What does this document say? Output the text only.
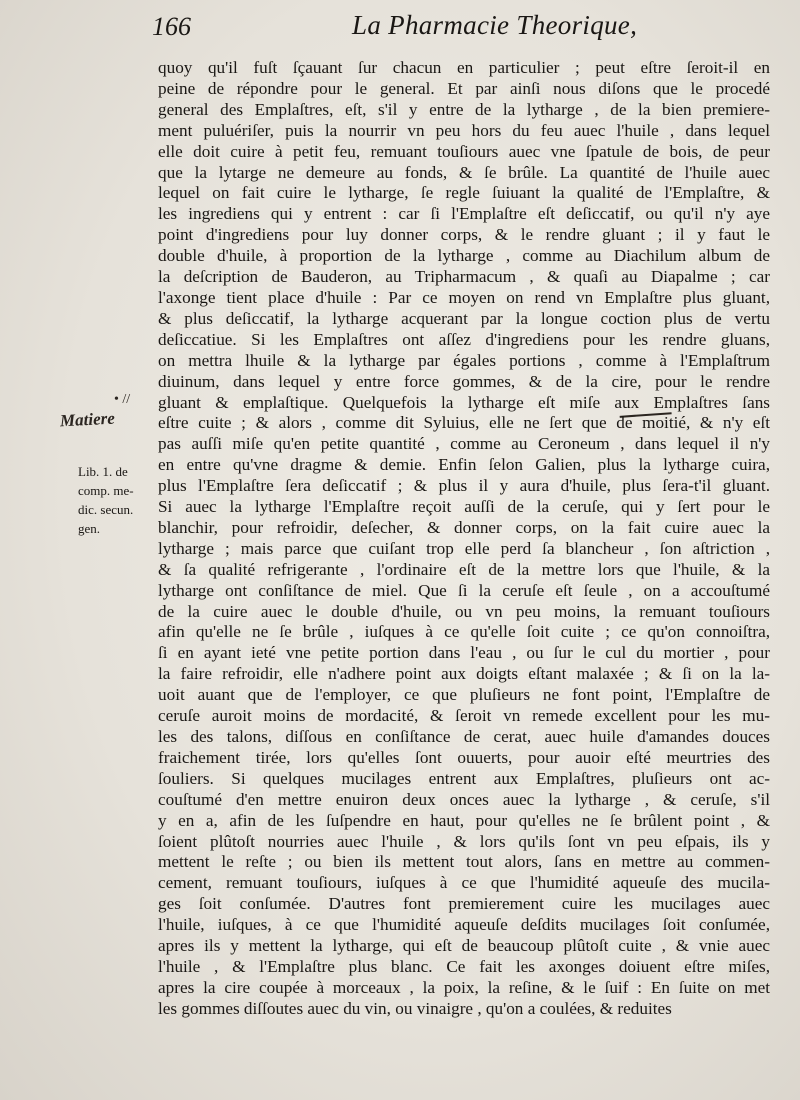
166	La Pharmacie Theorique,
• //
Matiere
Lib. 1. de
comp. me-
dic. secun.
gen.
quoy qu'il fuſt ſçauant ſur chacun en particulier ; peut eſtre ſeroit-il en
peine de répondre pour le general. Et par ainſi nous diſons que le procedé
general des Emplaſtres, eſt, s'il y entre de la lytharge , de la bien premiere-
ment puluériſer, puis la nourrir vn peu hors du feu auec l'huile , dans lequel
elle doit cuire à petit feu, remuant touſiours auec vne ſpatule de bois, de peur
que la lytarge ne demeure au fonds, & ſe brûle. La quantité de l'huile auec
lequel on fait cuire le lytharge, ſe regle ſuiuant la qualité de l'Emplaſtre, &
les ingrediens qui y entrent : car ſi l'Emplaſtre eſt deſiccatif, ou qu'il n'y aye
point d'ingrediens pour luy donner corps, & le rendre gluant ; il y faut le
double d'huile, à proportion de la lytharge , comme au Diachilum album de
la deſcription de Bauderon, au Tripharmacum , & quaſi au Diapalme ; car
l'axonge tient place d'huile : Par ce moyen on rend vn Emplaſtre plus gluant,
& plus deſiccatif, la lytharge acquerant par la longue coction plus de vertu
deſiccatiue. Si les Emplaſtres ont aſſez d'ingrediens pour les rendre gluans,
on mettra lhuile & la lytharge par égales portions , comme à l'Emplaſtrum
diuinum, dans lequel y entre force gommes, & de la cire, pour le rendre
gluant & emplaſtique. Quelquefois la lytharge eſt miſe aux Emplaſtres ſans
eſtre cuite ; & alors , comme dit Syluius, elle ne ſert que de moitié, & n'y eſt
pas auſſi miſe qu'en petite quantité , comme au Ceroneum , dans lequel il n'y
en entre qu'vne dragme & demie. Enfin ſelon Galien, plus la lytharge cuira,
plus l'Emplaſtre ſera deſiccatif ; & plus il y aura d'huile, plus ſera-t'il gluant.
Si auec la lytharge l'Emplaſtre reçoit auſſi de la ceruſe, qui y ſert pour le
blanchir, pour refroidir, deſecher, & donner corps, on la fait cuire auec la
lytharge ; mais parce que cuiſant trop elle perd ſa blancheur , ſon aſtriction ,
& ſa qualité refrigerante , l'ordinaire eſt de la mettre lors que l'huile, & la
lytharge ont conſiſtance de miel. Que ſi la ceruſe eſt ſeule , on a accouſtumé
de la cuire auec le double d'huile, ou vn peu moins, la remuant touſiours
afin qu'elle ne ſe brûle , iuſques à ce qu'elle ſoit cuite ; ce qu'on connoiſtra,
ſi en ayant ieté vne petite portion dans l'eau , ou ſur le cul du mortier , pour
la faire refroidir, elle n'adhere point aux doigts eſtant malaxée ; & ſi on la la-
uoit auant que de l'employer, ce que pluſieurs ne font point, l'Emplaſtre de
ceruſe auroit moins de mordacité, & ſeroit vn remede excellent pour les mu-
les des talons, diſſous en conſiſtance de cerat, auec huile d'amandes douces
fraichement tirée, lors qu'elles ſont ouuerts, pour auoir eſté meurtries des
ſouliers. Si quelques mucilages entrent aux Emplaſtres, pluſieurs ont ac-
couſtumé d'en mettre enuiron deux onces auec la lytharge , & ceruſe, s'il
y en a, afin de les ſuſpendre en haut, pour qu'elles ne ſe brûlent point , &
ſoient plûtoſt nourries auec l'huile , & lors qu'ils ſont vn peu eſpais, ils y
mettent le reſte ; ou bien ils mettent tout alors, ſans en mettre au commen-
cement, remuant touſiours, iuſques à ce que l'humidité aqueuſe des mucila-
ges ſoit conſumée. D'autres font premierement cuire les mucilages auec
l'huile, iuſques, à ce que l'humidité aqueuſe deſdits mucilages ſoit conſumée,
apres ils y mettent la lytharge, qui eſt de beaucoup plûtoſt cuite , & vnie auec
l'huile , & l'Emplaſtre plus blanc. Ce fait les axonges doiuent eſtre miſes,
apres la cire coupée à morceaux , la poix, la reſine, & le ſuif : En ſuite on met
les gommes diſſoutes auec du vin, ou vinaigre , qu'on a coulées, & reduites
